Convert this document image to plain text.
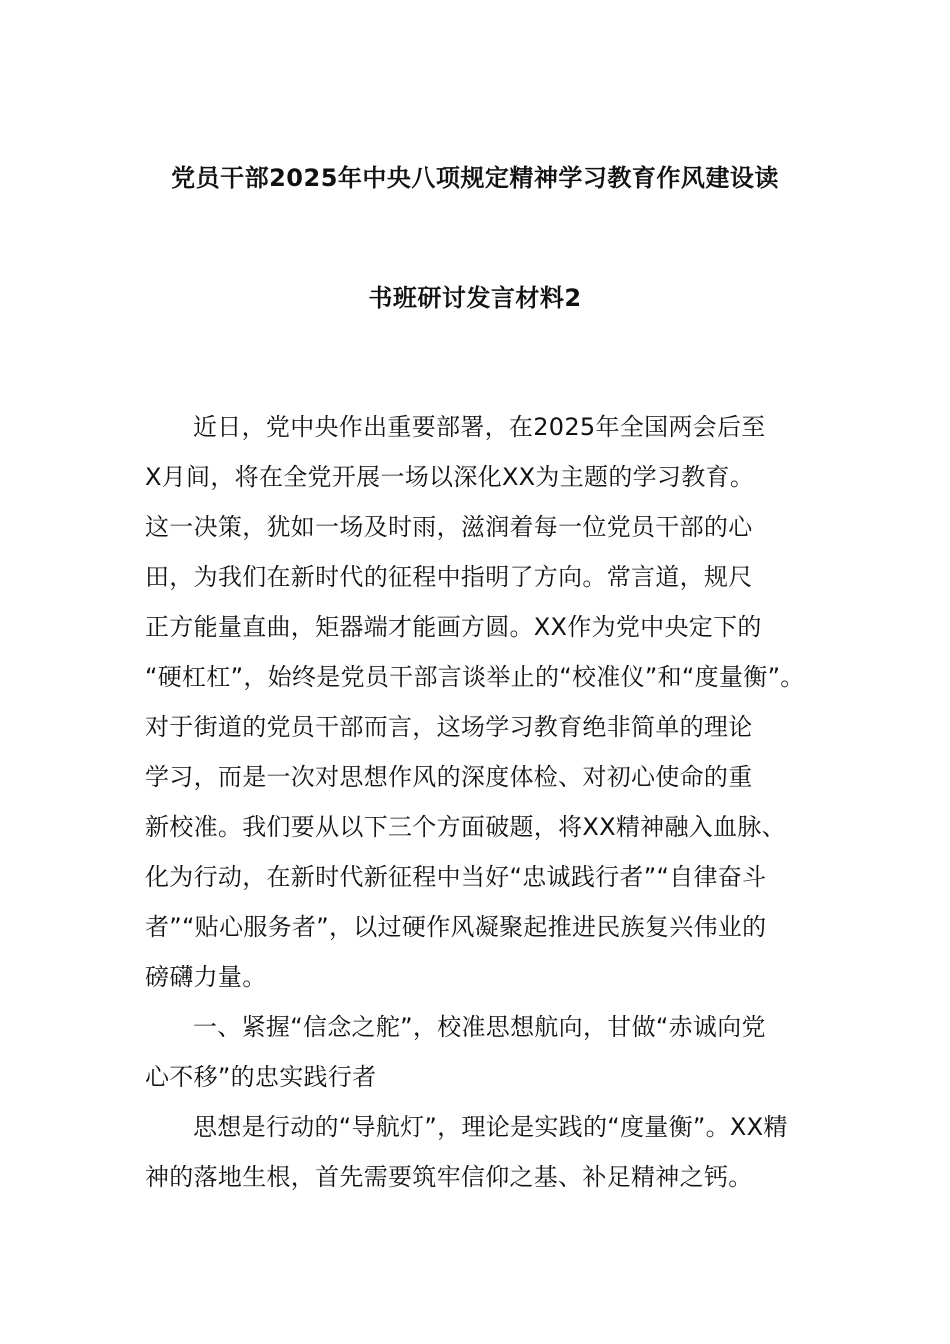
党员干部2025年中央八项规定精神学习教育作风建设读
书班研讨发言材料2
近日，党中央作出重要部署，在2025年全国两会后至
X月间，将在全党开展一场以深化XX为主题的学习教育。
这一决策，犹如一场及时雨，滋润着每一位党员干部的心
田，为我们在新时代的征程中指明了方向。常言道，规尺
正方能量直曲，矩器端才能画方圆。XX作为党中央定下的
“硬杠杠”，始终是党员干部言谈举止的“校准仪”和“度量衡”。
对于街道的党员干部而言，这场学习教育绝非简单的理论
学习，而是一次对思想作风的深度体检、对初心使命的重
新校准。我们要从以下三个方面破题，将XX精神融入血脉、
化为行动，在新时代新征程中当好“忠诚践行者”“自律奋斗
者”“贴心服务者”，以过硬作风凝聚起推进民族复兴伟业的
磅礴力量。
一、紧握“信念之舵”，校准思想航向，甘做“赤诚向党
心不移”的忠实践行者
思想是行动的“导航灯”，理论是实践的“度量衡”。XX精
神的落地生根，首先需要筑牢信仰之基、补足精神之钙。
